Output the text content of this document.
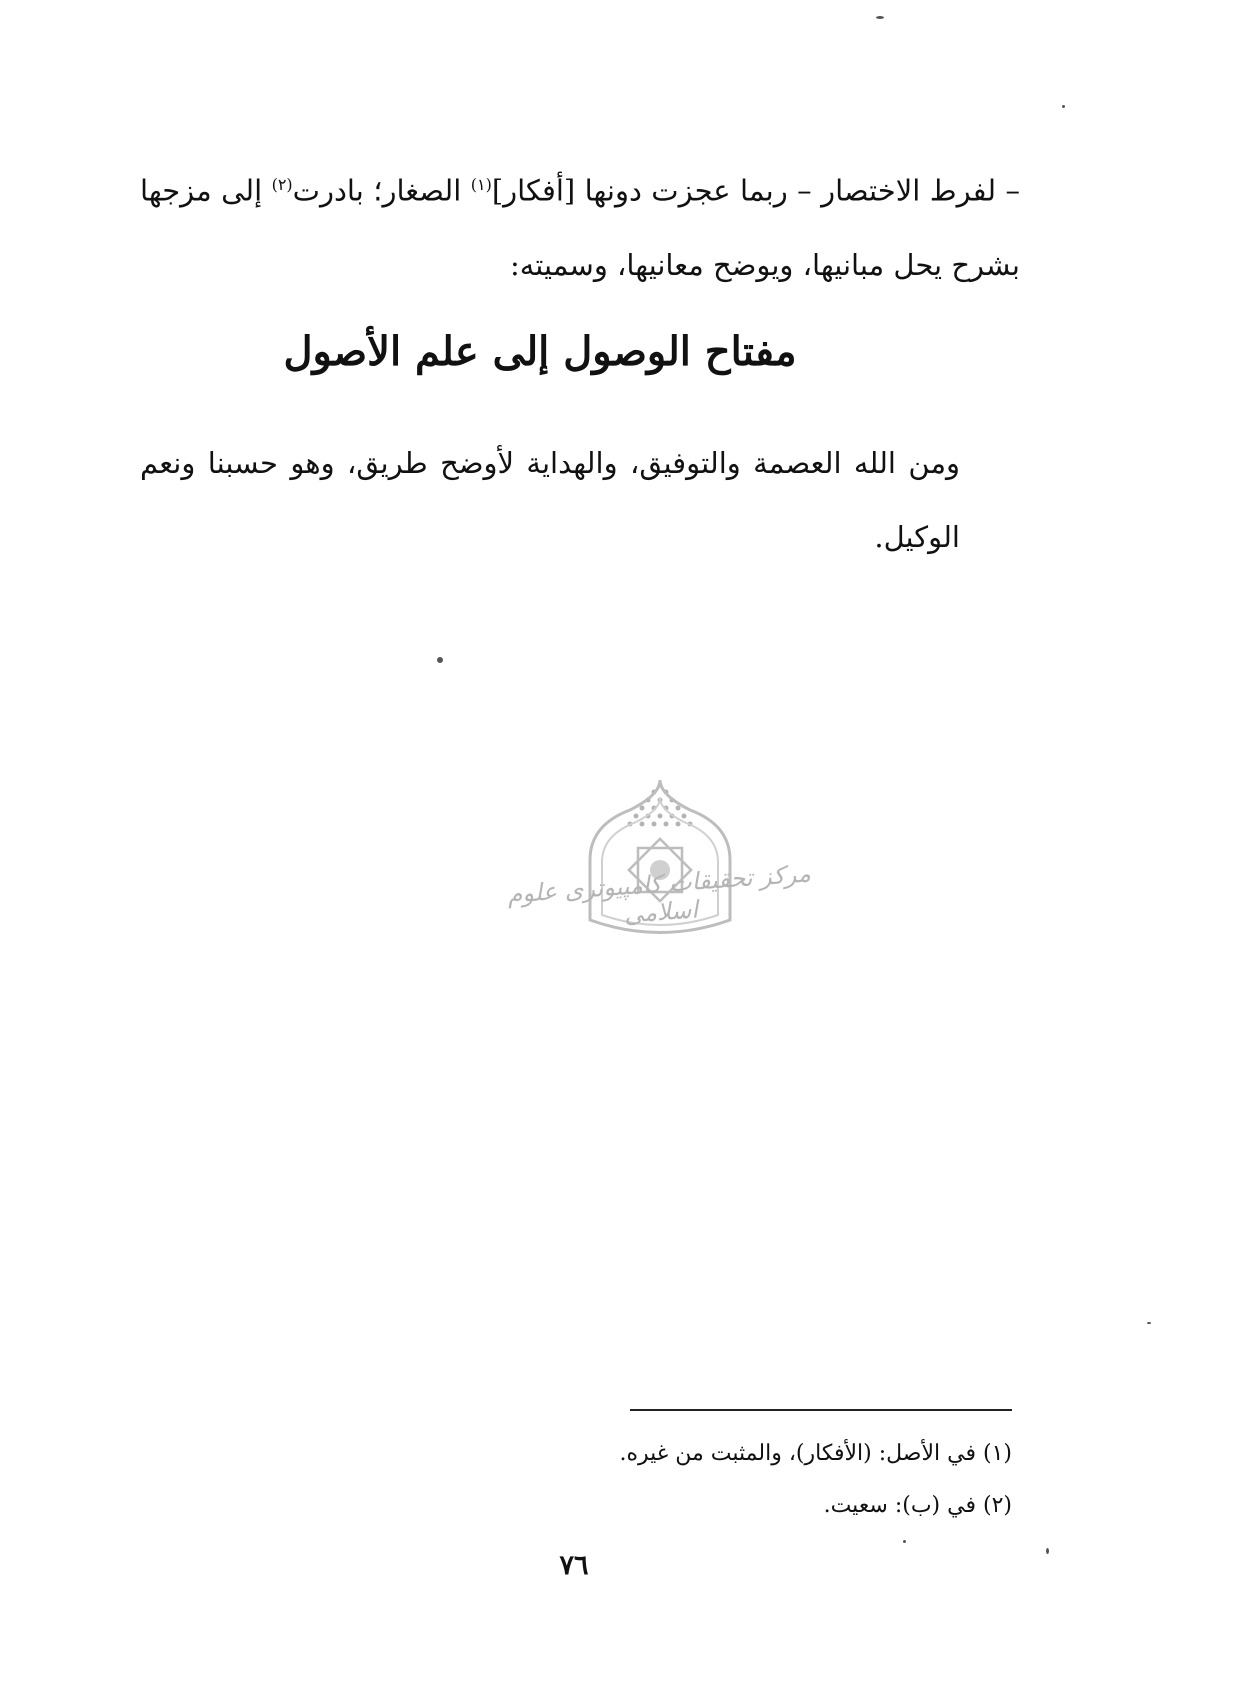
– لفرط الاختصار – ربما عجزت دونها [أفكار]$^{(١)}$ الصغار؛ بادرت$^{(٢)}$ إلى مزجها بشرح يحل مبانيها، ويوضح معانيها، وسميته:
مفتاح الوصول إلى علم الأصول
ومن الله العصمة والتوفيق، والهداية لأوضح طريق، وهو حسبنا ونعم الوكيل.
مرکز تحقیقات کامپیوتری علوم اسلامی

(١) في الأصل: (الأفكار)، والمثبت من غيره.

(٢) في (ب): سعيت.

٧٦
